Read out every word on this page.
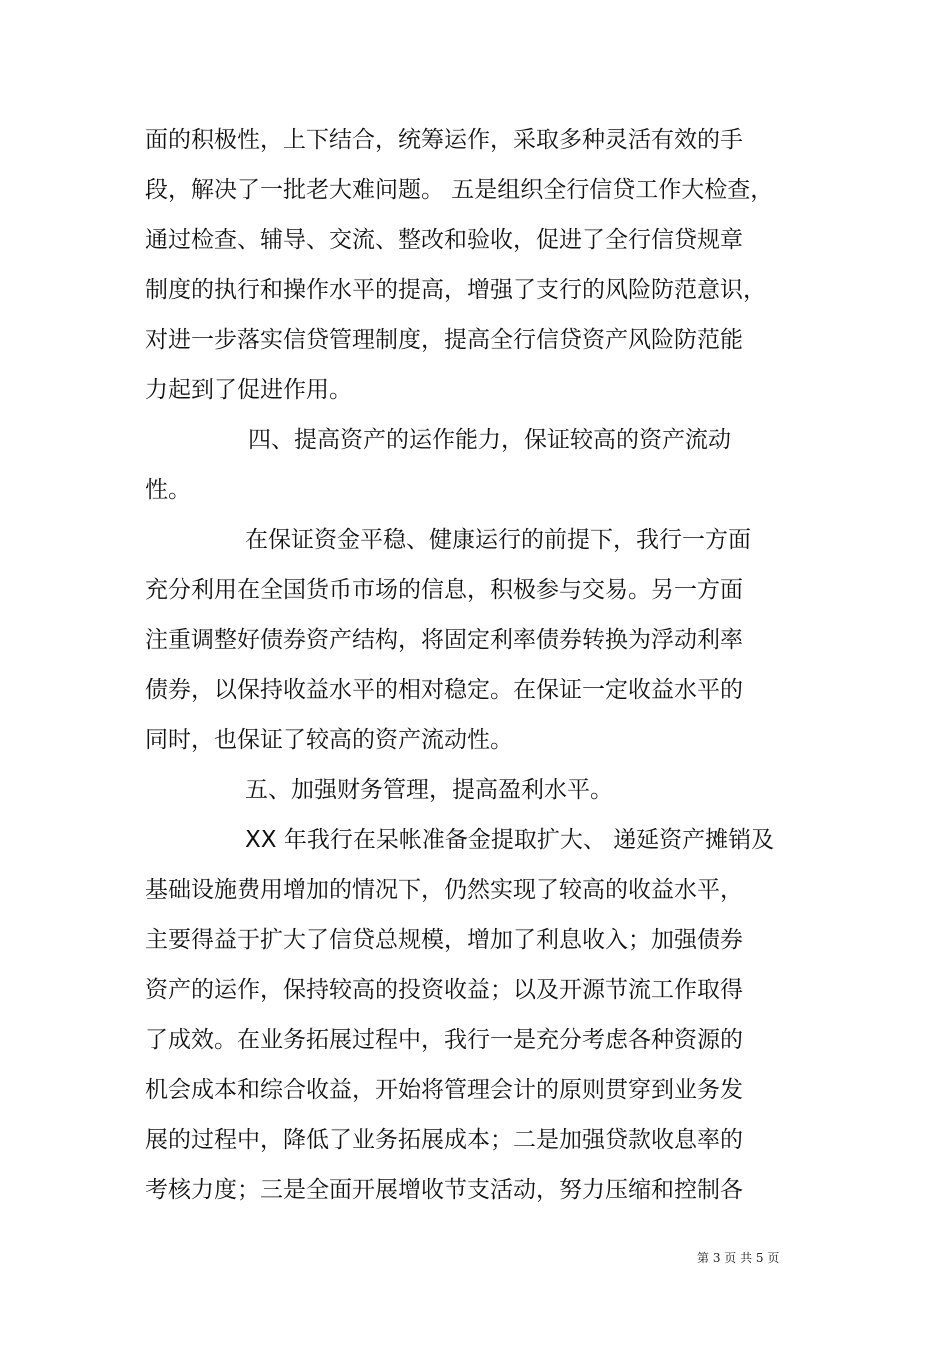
面的积极性，上下结合，统筹运作，采取多种灵活有效的手
段，解决了一批老大难问题。 五是组织全行信贷工作大检查，
通过检查、辅导、交流、整改和验收，促进了全行信贷规章
制度的执行和操作水平的提高，增强了支行的风险防范意识，
对进一步落实信贷管理制度，提高全行信贷资产风险防范能
力起到了促进作用。
四、提高资产的运作能力，保证较高的资产流动
性。
在保证资金平稳、健康运行的前提下，我行一方面
充分利用在全国货币市场的信息，积极参与交易。另一方面
注重调整好债券资产结构，将固定利率债券转换为浮动利率
债券，以保持收益水平的相对稳定。在保证一定收益水平的
同时，也保证了较高的资产流动性。
五、加强财务管理，提高盈利水平。
XX 年我行在呆帐准备金提取扩大、 递延资产摊销及
基础设施费用增加的情况下，仍然实现了较高的收益水平，
主要得益于扩大了信贷总规模，增加了利息收入；加强债券
资产的运作，保持较高的投资收益；以及开源节流工作取得
了成效。在业务拓展过程中，我行一是充分考虑各种资源的
机会成本和综合收益，开始将管理会计的原则贯穿到业务发
展的过程中，降低了业务拓展成本；二是加强贷款收息率的
考核力度；三是全面开展增收节支活动，努力压缩和控制各
第 3 页 共 5 页
